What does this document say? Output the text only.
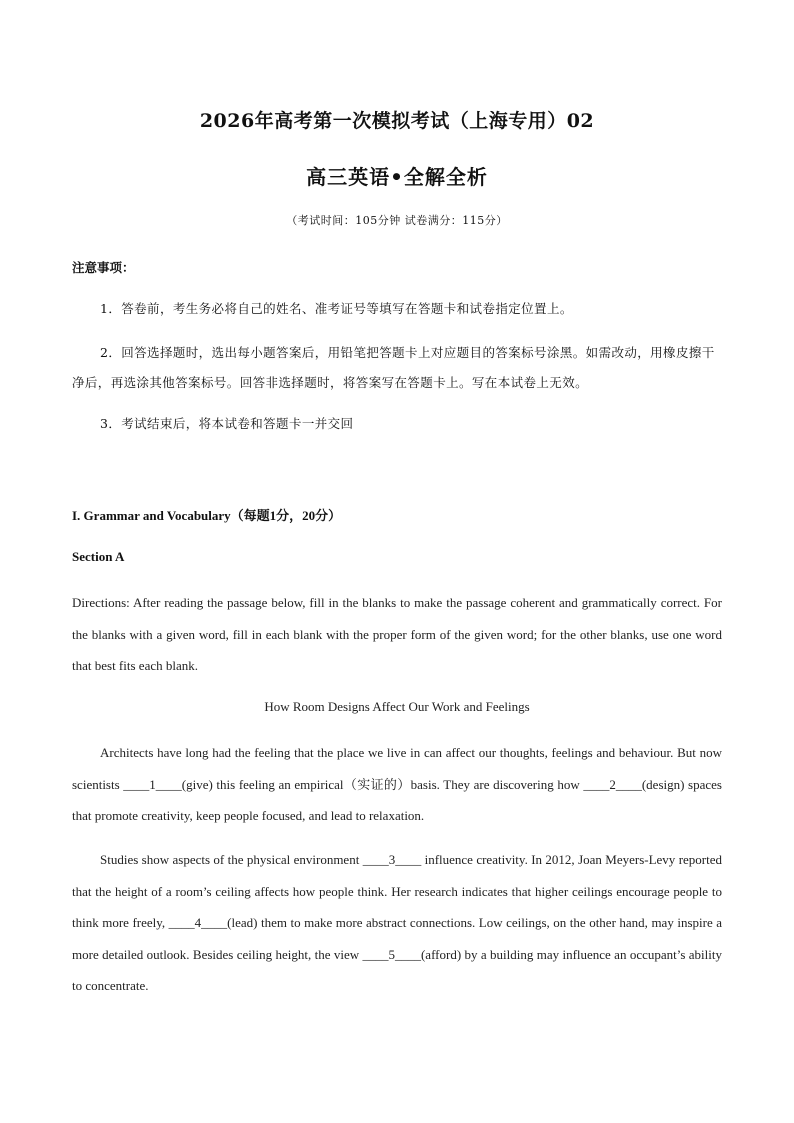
2026年高考第一次模拟考试（上海专用）02
高三英语•全解全析
（考试时间：105分钟 试卷满分：115分）
注意事项：
1．答卷前，考生务必将自己的姓名、准考证号等填写在答题卡和试卷指定位置上。
2．回答选择题时，选出每小题答案后，用铅笔把答题卡上对应题目的答案标号涂黑。如需改动，用橡皮擦干净后，再选涂其他答案标号。回答非选择题时，将答案写在答题卡上。写在本试卷上无效。
3．考试结束后，将本试卷和答题卡一并交回
I. Grammar and Vocabulary（每题1分，20分）
Section A
Directions: After reading the passage below, fill in the blanks to make the passage coherent and grammatically correct. For the blanks with a given word, fill in each blank with the proper form of the given word; for the other blanks, use one word that best fits each blank.
How Room Designs Affect Our Work and Feelings
Architects have long had the feeling that the place we live in can affect our thoughts, feelings and behaviour. But now scientists ____1____(give) this feeling an empirical（实证的）basis. They are discovering how ____2____(design) spaces that promote creativity, keep people focused, and lead to relaxation.
Studies show aspects of the physical environment ____3____ influence creativity. In 2012, Joan Meyers-Levy reported that the height of a room’s ceiling affects how people think. Her research indicates that higher ceilings encourage people to think more freely, ____4____(lead) them to make more abstract connections. Low ceilings, on the other hand, may inspire a more detailed outlook. Besides ceiling height, the view ____5____(afford) by a building may influence an occupant’s ability to concentrate.
